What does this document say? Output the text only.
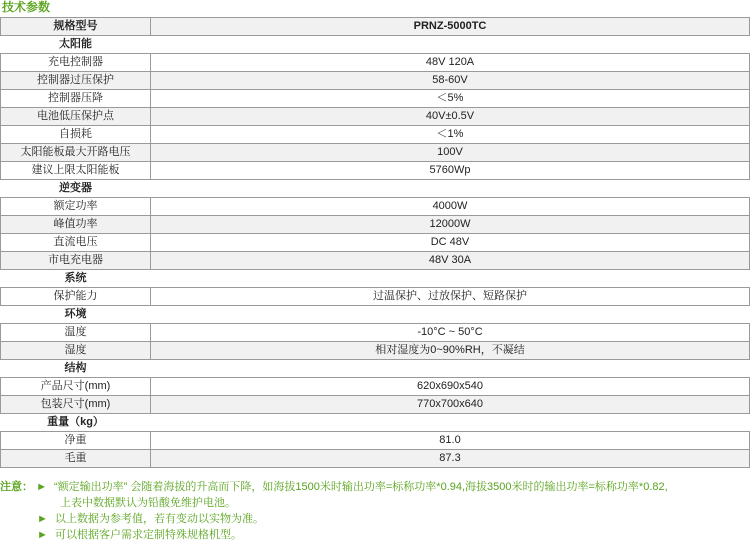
技术参数
规格型号	PRNZ-5000TC
太阳能	
充电控制器	48V 120A
控制器过压保护	58-60V
控制器压降	＜5%
电池低压保护点	40V±0.5V
自损耗	＜1%
太阳能板最大开路电压	100V
建议上限太阳能板	5760Wp
逆变器	
额定功率	4000W
峰值功率	12000W
直流电压	DC 48V
市电充电器	48V 30A
系统	
保护能力	过温保护、过放保护、短路保护
环境	
温度	-10°C ~ 50°C
湿度	相对湿度为0~90%RH，不凝结
结构	
产品尺寸(mm)	620x690x540
包装尺寸(mm)	770x700x640
重量（kg）	
净重	81.0
毛重	87.3
注意： ► “额定输出功率” 会随着海拔的升高而下降，如海拔1500米时输出功率=标称功率*0.94,海拔3500米时的输出功率=标称功率*0.82,
上表中数据默认为铅酸免维护电池。
► 以上数据为参考值，若有变动以实物为准。
► 可以根据客户需求定制特殊规格机型。
